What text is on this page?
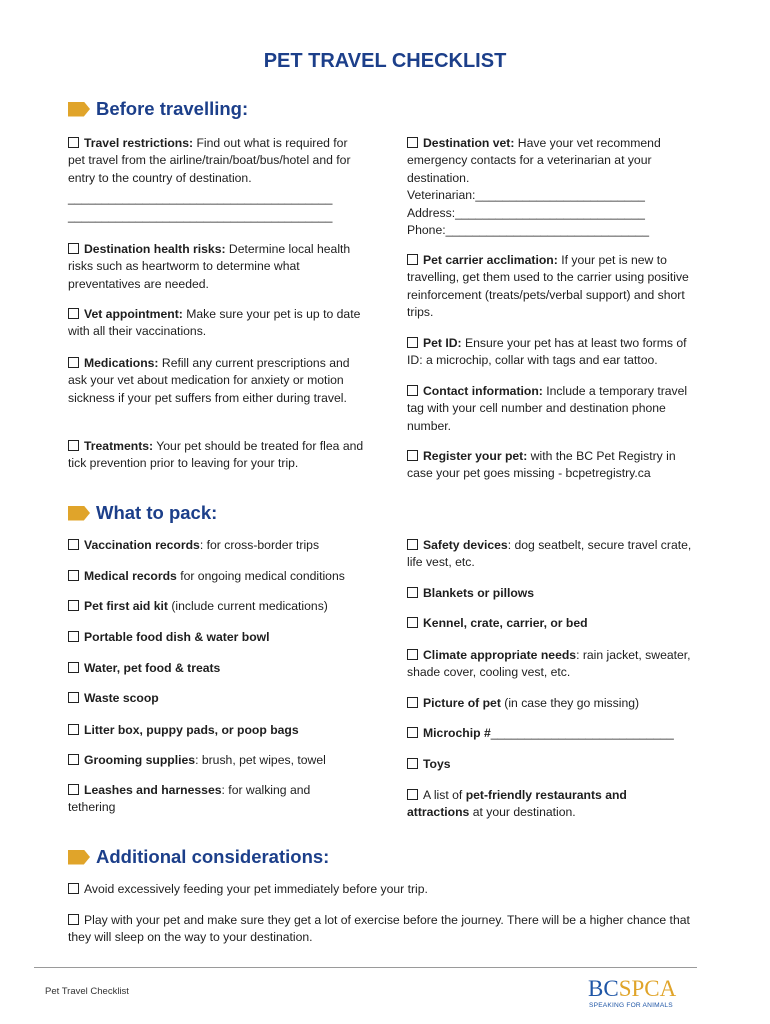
PET TRAVEL CHECKLIST
Before travelling:
Travel restrictions: Find out what is required for pet travel from the airline/train/boat/bus/hotel and for entry to the country of destination.
_______________________________________
_______________________________________
Destination health risks: Determine local health risks such as heartworm to determine what preventatives are needed.
Vet appointment: Make sure your pet is up to date with all their vaccinations.
Medications: Refill any current prescriptions and ask your vet about medication for anxiety or motion sickness if your pet suffers from either during travel.
Treatments: Your pet should be treated for flea and tick prevention prior to leaving for your trip.
Destination vet: Have your vet recommend emergency contacts for a veterinarian at your destination.
Veterinarian:_________________________
Address:____________________________
Phone:______________________________
Pet carrier acclimation: If your pet is new to travelling, get them used to the carrier using positive reinforcement (treats/pets/verbal support) and short trips.
Pet ID: Ensure your pet has at least two forms of ID: a microchip, collar with tags and ear tattoo.
Contact information: Include a temporary travel tag with your cell number and destination phone number.
Register your pet: with the BC Pet Registry in case your pet goes missing - bcpetregistry.ca
What to pack:
Vaccination records: for cross-border trips
Medical records for ongoing medical conditions
Pet first aid kit (include current medications)
Portable food dish & water bowl
Water, pet food & treats
Waste scoop
Litter box, puppy pads, or poop bags
Grooming supplies: brush, pet wipes, towel
Leashes and harnesses: for walking and tethering
Safety devices: dog seatbelt, secure travel crate, life vest, etc.
Blankets or pillows
Kennel, crate, carrier, or bed
Climate appropriate needs: rain jacket, sweater, shade cover, cooling vest, etc.
Picture of pet (in case they go missing)
Microchip #___________________________
Toys
A list of pet-friendly restaurants and attractions at your destination.
Additional considerations:
Avoid excessively feeding your pet immediately before your trip.
Play with your pet and make sure they get a lot of exercise before the journey. There will be a higher chance that they will sleep on the way to your destination.
Pet Travel Checklist	BCSPCA
SPEAKING FOR ANIMALS
